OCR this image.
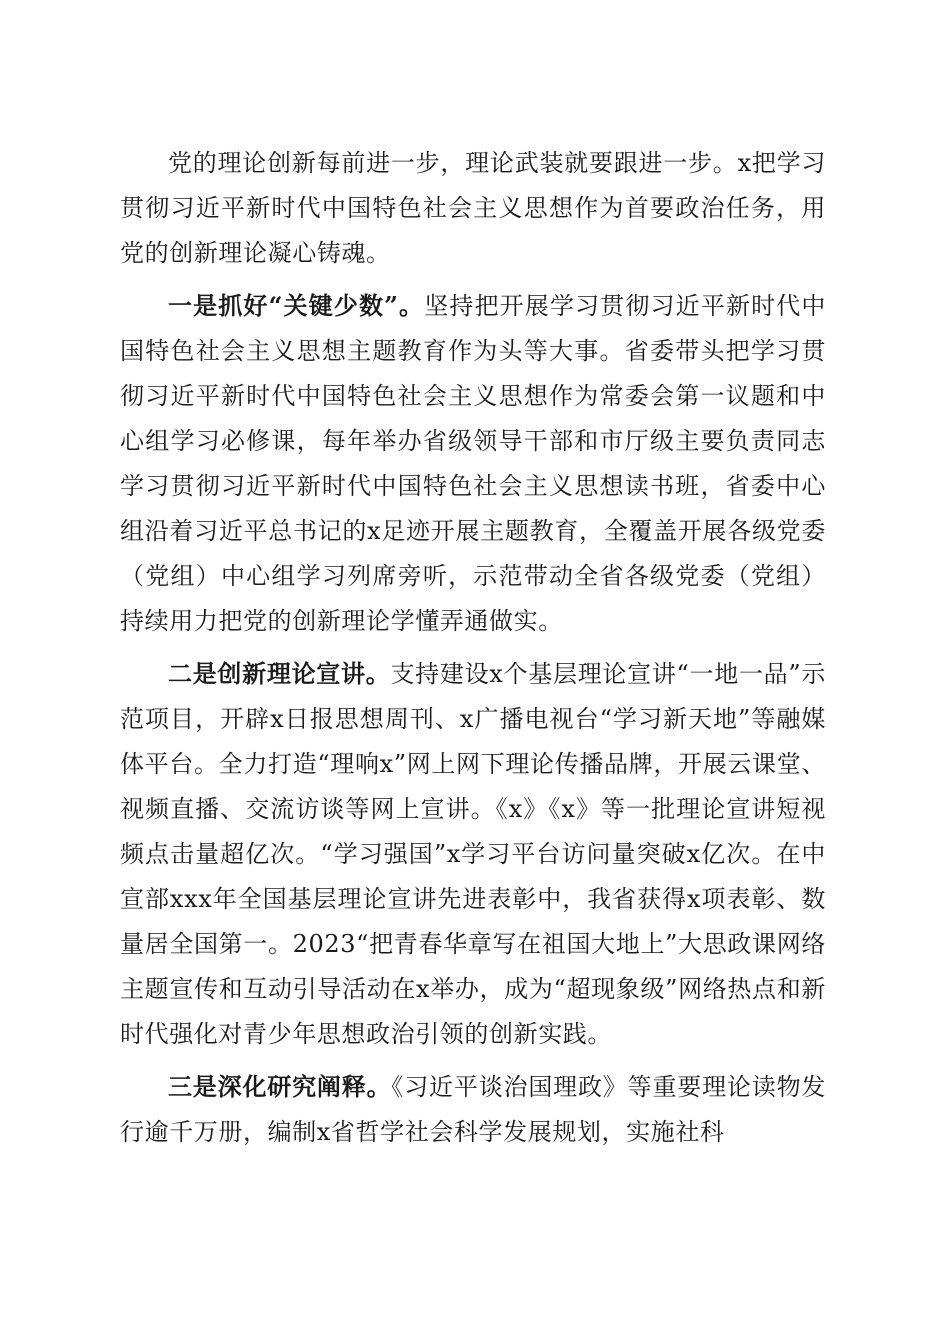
党的理论创新每前进一步，理论武装就要跟进一步。x把学习贯彻习近平新时代中国特色社会主义思想作为首要政治任务，用党的创新理论凝心铸魂。

一是抓好“关键少数”。坚持把开展学习贯彻习近平新时代中国特色社会主义思想主题教育作为头等大事。省委带头把学习贯彻习近平新时代中国特色社会主义思想作为常委会第一议题和中心组学习必修课，每年举办省级领导干部和市厅级主要负责同志学习贯彻习近平新时代中国特色社会主义思想读书班，省委中心组沿着习近平总书记的x足迹开展主题教育，全覆盖开展各级党委（党组）中心组学习列席旁听，示范带动全省各级党委（党组）持续用力把党的创新理论学懂弄通做实。

二是创新理论宣讲。支持建设x个基层理论宣讲“一地一品”示范项目，开辟x日报思想周刊、x广播电视台“学习新天地”等融媒体平台。全力打造“理响x”网上网下理论传播品牌，开展云课堂、视频直播、交流访谈等网上宣讲。《x》《x》等一批理论宣讲短视频点击量超亿次。“学习强国”x学习平台访问量突破x亿次。在中宣部xxx年全国基层理论宣讲先进表彰中，我省获得x项表彰、数量居全国第一。2023“把青春华章写在祖国大地上”大思政课网络主题宣传和互动引导活动在x举办，成为“超现象级”网络热点和新时代强化对青少年思想政治引领的创新实践。

三是深化研究阐释。《习近平谈治国理政》等重要理论读物发行逾千万册，编制x省哲学社会科学发展规划，实施社科
